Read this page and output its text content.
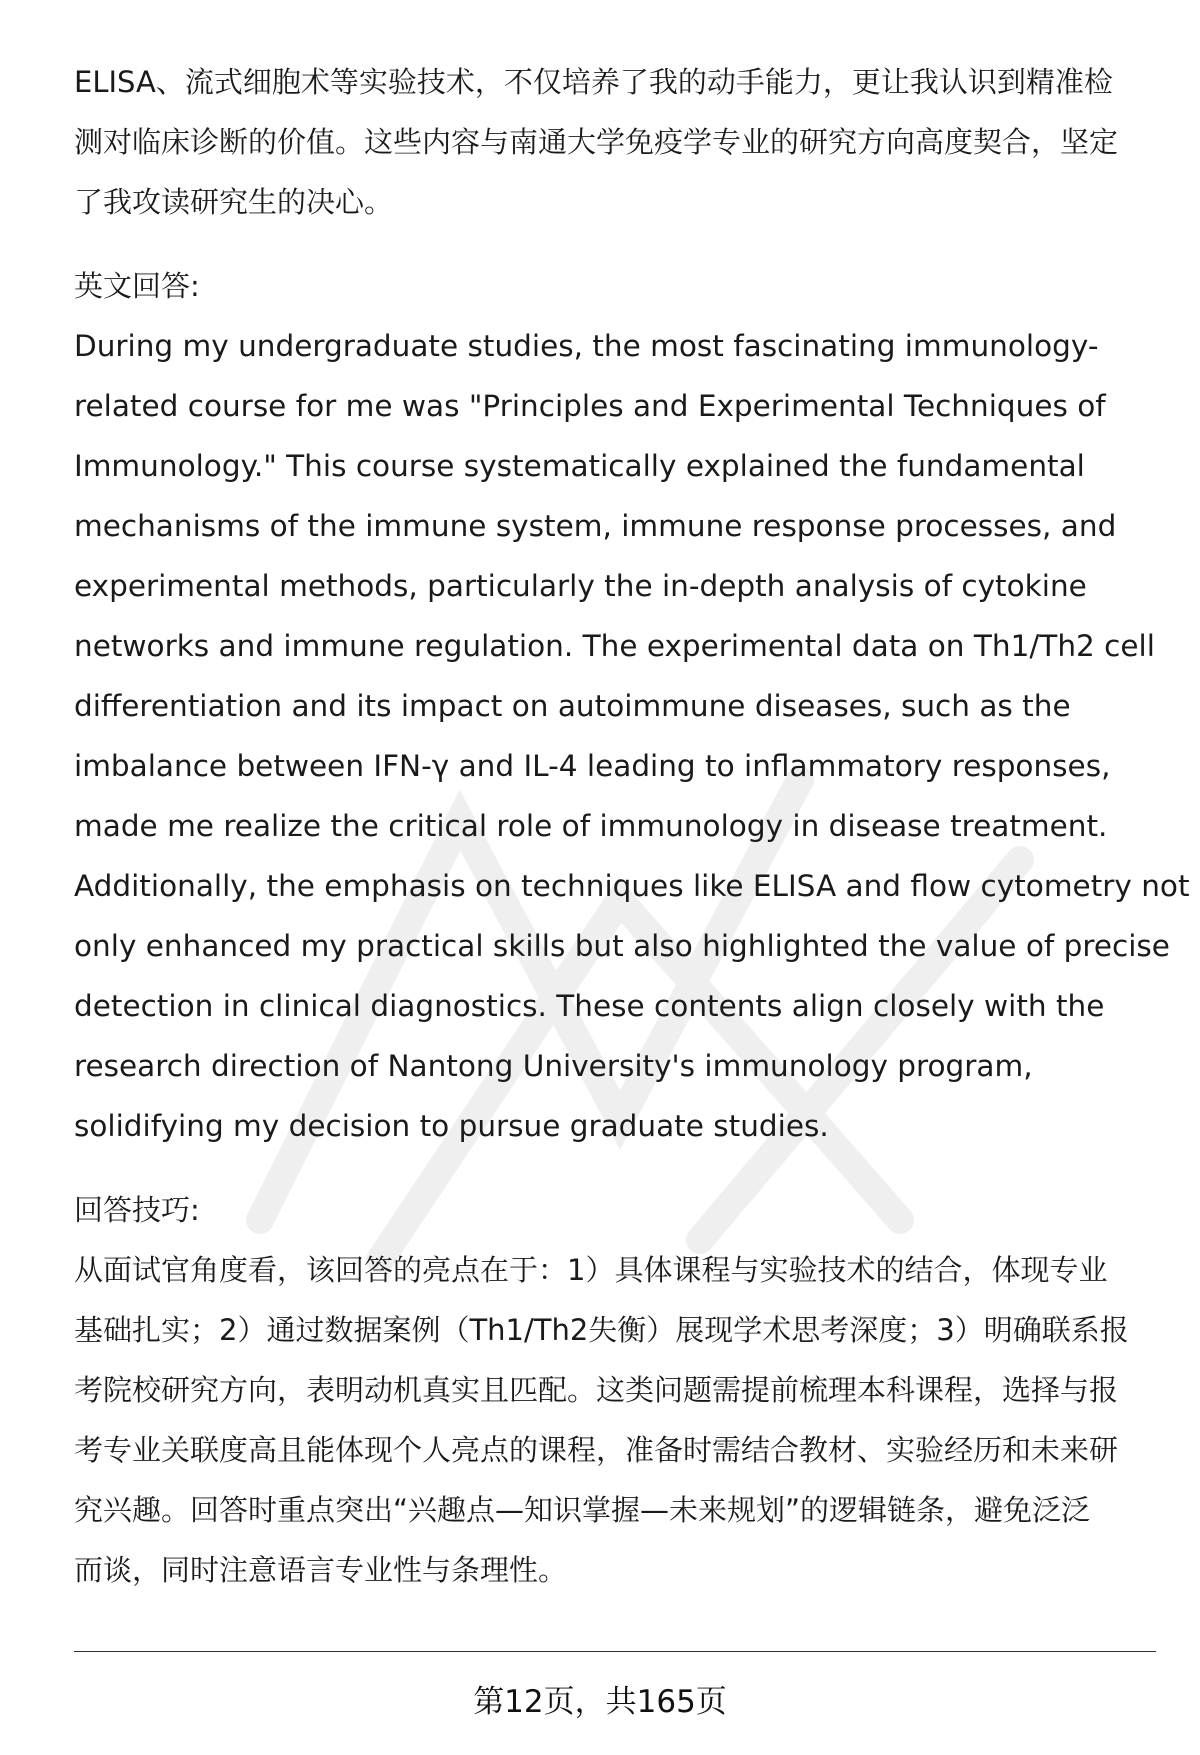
ELISA、流式细胞术等实验技术，不仅培养了我的动手能力，更让我认识到精准检
测对临床诊断的价值。这些内容与南通大学免疫学专业的研究方向高度契合，坚定
了我攻读研究生的决心。

英文回答:

During my undergraduate studies, the most fascinating immunology-
related course for me was "Principles and Experimental Techniques of
Immunology." This course systematically explained the fundamental
mechanisms of the immune system, immune response processes, and
experimental methods, particularly the in-depth analysis of cytokine
networks and immune regulation. The experimental data on Th1/Th2 cell
differentiation and its impact on autoimmune diseases, such as the
imbalance between IFN-γ and IL-4 leading to inflammatory responses,
made me realize the critical role of immunology in disease treatment.
Additionally, the emphasis on techniques like ELISA and flow cytometry not
only enhanced my practical skills but also highlighted the value of precise
detection in clinical diagnostics. These contents align closely with the
research direction of Nantong University's immunology program,
solidifying my decision to pursue graduate studies.

回答技巧:

从面试官角度看，该回答的亮点在于：1）具体课程与实验技术的结合，体现专业
基础扎实；2）通过数据案例（Th1/Th2失衡）展现学术思考深度；3）明确联系报
考院校研究方向，表明动机真实且匹配。这类问题需提前梳理本科课程，选择与报
考专业关联度高且能体现个人亮点的课程，准备时需结合教材、实验经历和未来研
究兴趣。回答时重点突出“兴趣点—知识掌握—未来规划”的逻辑链条，避免泛泛
而谈，同时注意语言专业性与条理性。
第12页，共165页
